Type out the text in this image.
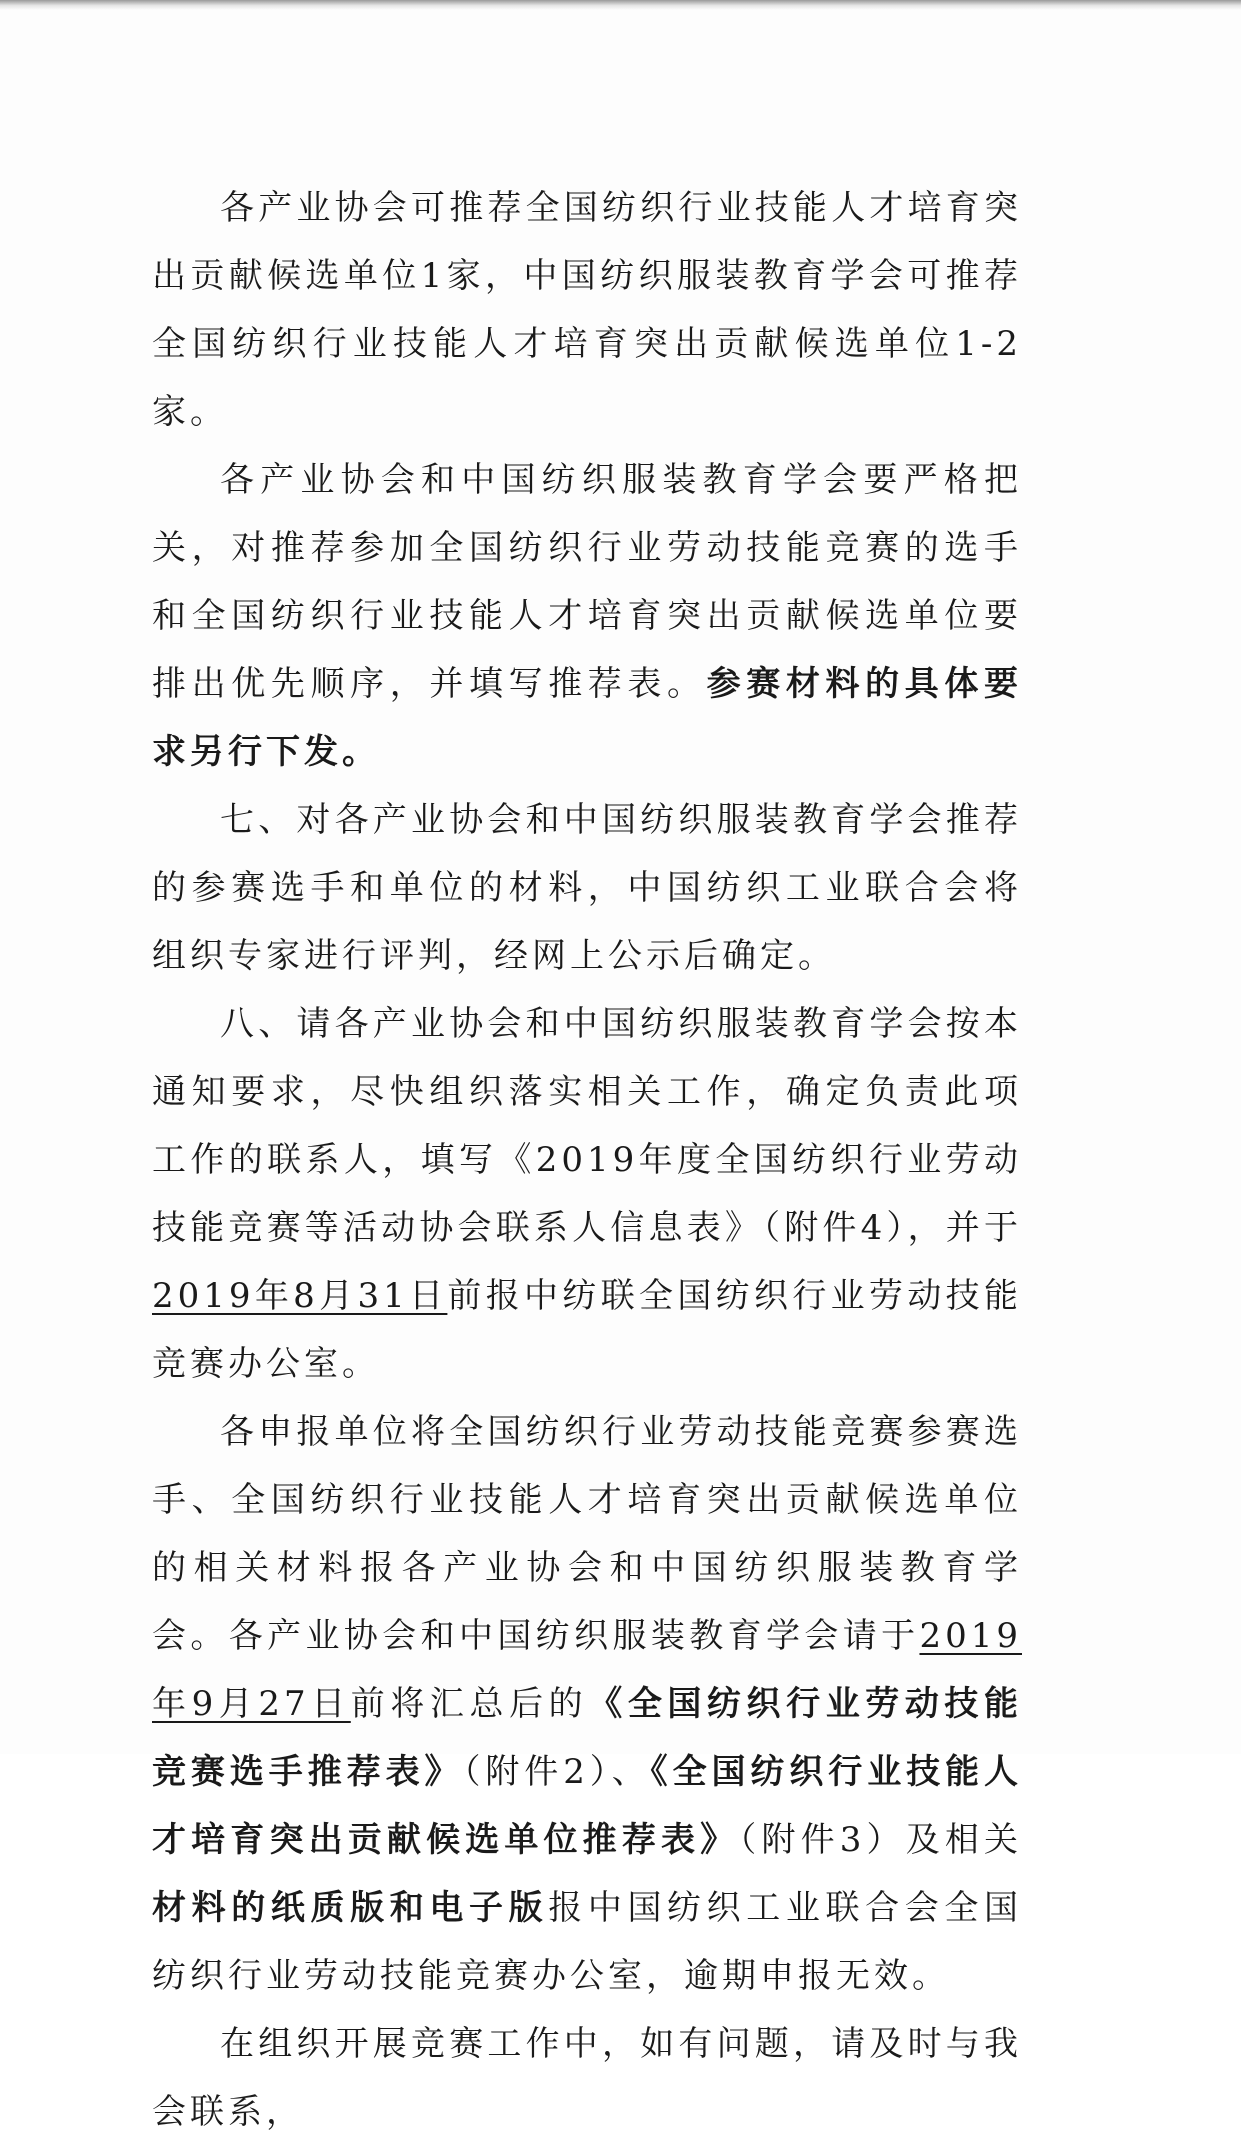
各产业协会可推荐全国纺织行业技能人才培育突出贡献候选单位1家，中国纺织服装教育学会可推荐全国纺织行业技能人才培育突出贡献候选单位1-2家。

各产业协会和中国纺织服装教育学会要严格把关，对推荐参加全国纺织行业劳动技能竞赛的选手和全国纺织行业技能人才培育突出贡献候选单位要排出优先顺序，并填写推荐表。参赛材料的具体要求另行下发。

七、对各产业协会和中国纺织服装教育学会推荐的参赛选手和单位的材料，中国纺织工业联合会将组织专家进行评判，经网上公示后确定。

八、请各产业协会和中国纺织服装教育学会按本通知要求，尽快组织落实相关工作，确定负责此项工作的联系人，填写《2019年度全国纺织行业劳动技能竞赛等活动协会联系人信息表》（附件4），并于2019年8月31日前报中纺联全国纺织行业劳动技能竞赛办公室。

各申报单位将全国纺织行业劳动技能竞赛参赛选手、全国纺织行业技能人才培育突出贡献候选单位的相关材料报各产业协会和中国纺织服装教育学会。各产业协会和中国纺织服装教育学会请于2019年9月27日前将汇总后的《全国纺织行业劳动技能竞赛选手推荐表》（附件2）、《全国纺织行业技能人才培育突出贡献候选单位推荐表》（附件3）及相关材料的纸质版和电子版报中国纺织工业联合会全国纺织行业劳动技能竞赛办公室，逾期申报无效。

在组织开展竞赛工作中，如有问题，请及时与我会联系，
